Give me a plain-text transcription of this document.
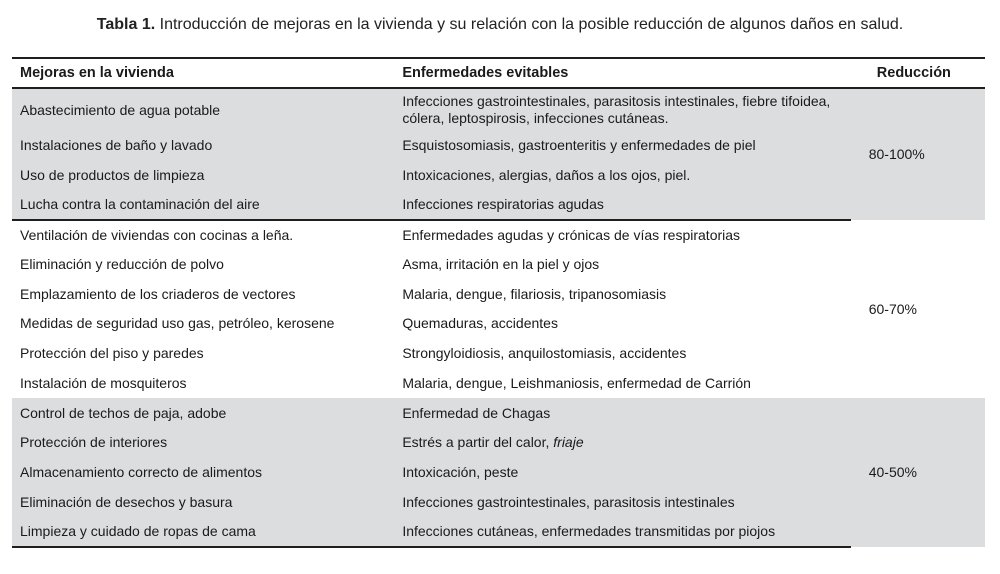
Tabla 1. Introducción de mejoras en la vivienda y su relación con la posible reducción de algunos daños en salud.
Mejoras en la vivienda	Enfermedades evitables	Reducción
Abastecimiento de agua potable	Infecciones gastrointestinales, parasitosis intestinales, fiebre tifoidea,
cólera, leptospirosis, infecciones cutáneas.	80-100%
Instalaciones de baño y lavado	Esquistosomiasis, gastroenteritis y enfermedades de piel	
Uso de productos de limpieza	Intoxicaciones, alergias, daños a los ojos, piel.	
Lucha contra la contaminación del aire	Infecciones respiratorias agudas	
Ventilación de viviendas con cocinas a leña.	Enfermedades agudas y crónicas de vías respiratorias	60-70%
Eliminación y reducción de polvo	Asma, irritación en la piel y ojos	
Emplazamiento de los criaderos de vectores	Malaria, dengue, filariosis, tripanosomiasis	
Medidas de seguridad uso gas, petróleo, kerosene	Quemaduras, accidentes	
Protección del piso y paredes	Strongyloidiosis, anquilostomiasis, accidentes	
Instalación de mosquiteros	Malaria, dengue, Leishmaniosis, enfermedad de Carrión	
Control de techos de paja, adobe	Enfermedad de Chagas	40-50%
Protección de interiores	Estrés a partir del calor, friaje	
Almacenamiento correcto de alimentos	Intoxicación, peste	
Eliminación de desechos y basura	Infecciones gastrointestinales, parasitosis intestinales	
Limpieza y cuidado de ropas de cama	Infecciones cutáneas, enfermedades transmitidas por piojos	
